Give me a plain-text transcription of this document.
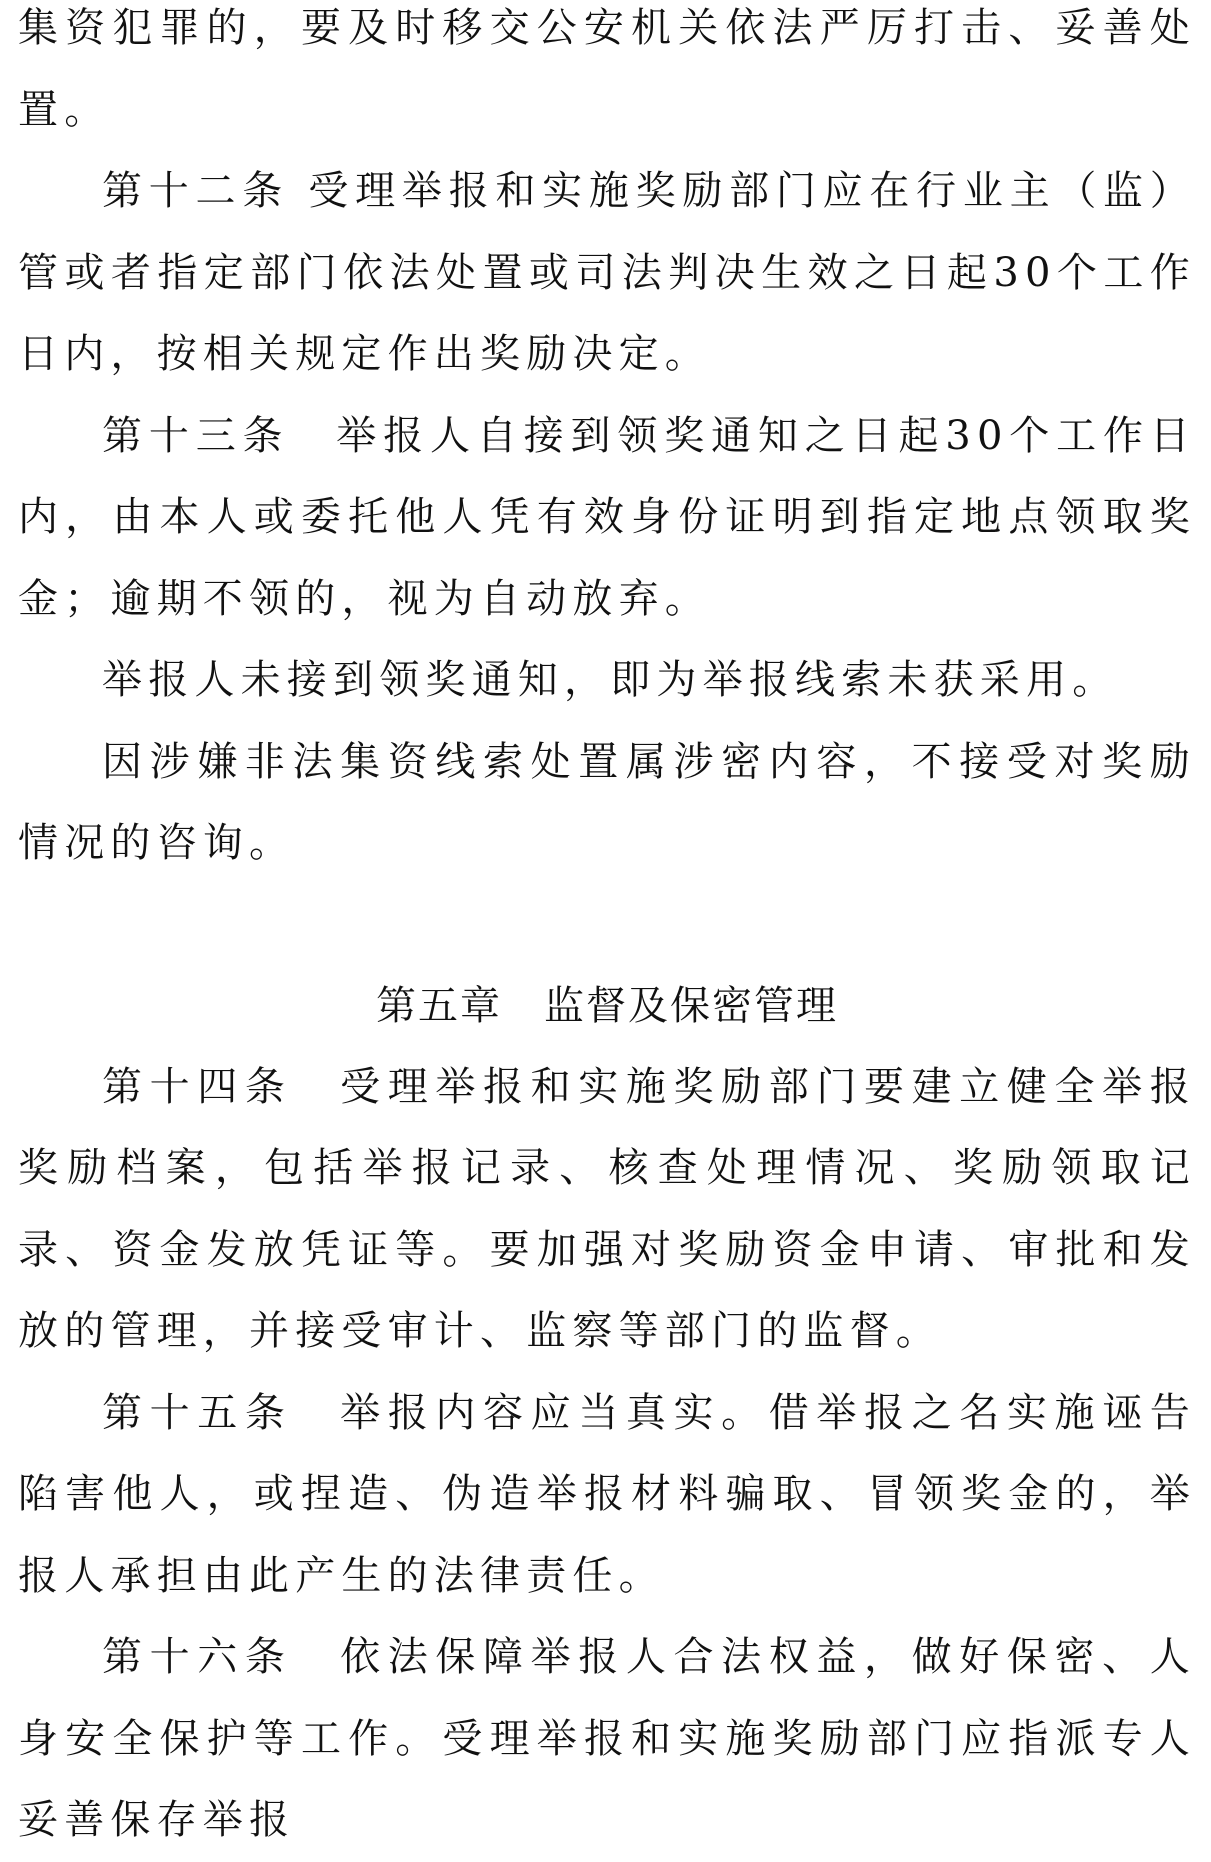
集资犯罪的，要及时移交公安机关依法严厉打击、妥善处置。

第十二条 受理举报和实施奖励部门应在行业主（监）管或者指定部门依法处置或司法判决生效之日起30个工作日内，按相关规定作出奖励决定。

第十三条　举报人自接到领奖通知之日起30个工作日内，由本人或委托他人凭有效身份证明到指定地点领取奖金；逾期不领的，视为自动放弃。

举报人未接到领奖通知，即为举报线索未获采用。

因涉嫌非法集资线索处置属涉密内容，不接受对奖励情况的咨询。

第五章　监督及保密管理

第十四条　受理举报和实施奖励部门要建立健全举报奖励档案，包括举报记录、核查处理情况、奖励领取记录、资金发放凭证等。要加强对奖励资金申请、审批和发放的管理，并接受审计、监察等部门的监督。

第十五条　举报内容应当真实。借举报之名实施诬告陷害他人，或捏造、伪造举报材料骗取、冒领奖金的，举报人承担由此产生的法律责任。

第十六条　依法保障举报人合法权益，做好保密、人身安全保护等工作。受理举报和实施奖励部门应指派专人妥善保存举报
